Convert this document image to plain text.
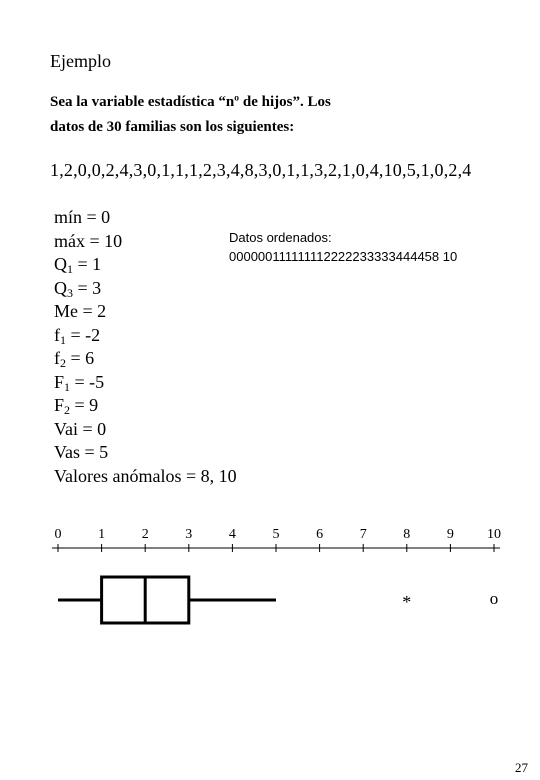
Ejemplo
Sea la variable estadística “nº de hijos”. Los
datos de 30 familias son los siguientes:
1,2,0,0,2,4,3,0,1,1,1,2,3,4,8,3,0,1,1,3,2,1,0,4,10,5,1,0,2,4
mín = 0
máx = 10
$Q_1 = 1$
$Q_3 = 3$
Me = 2
$f_1 = -2$
$f_2 = 6$
$F_1 = -5$
$F_2 = 9$
Vai = 0
Vas = 5
Valores anómalos = 8, 10
Datos ordenados:
000000111111112222233333444458 10
0	1	2	3	4	5	6	7	8	9 10
*	o
27
